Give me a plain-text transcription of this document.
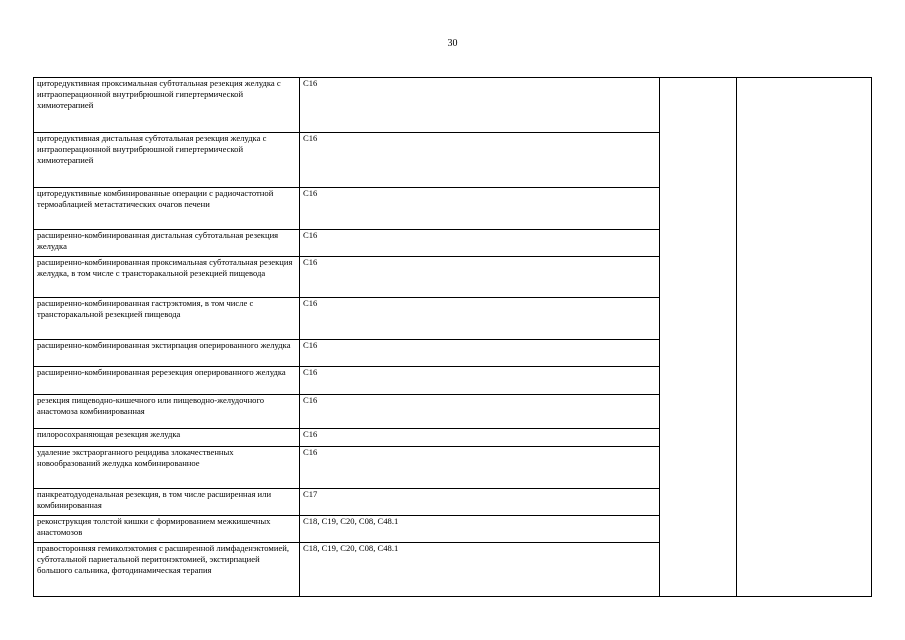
30
циторедуктивная проксимальная субтотальная резекция желудка с интраоперационной внутрибрюшной гипертермической химиотерапией	C16		
циторедуктивная дистальная субтотальная резекция желудка с интраоперационной внутрибрюшной гипертермической химиотерапией	C16		
циторедуктивные комбинированные операции с радиочастотной термоаблацией метастатических очагов печени	C16		
расширенно-комбинированная дистальная субтотальная резекция желудка	C16		
расширенно-комбинированная проксимальная субтотальная резекция желудка, в том числе с трансторакальной резекцией пищевода	C16		
расширенно-комбинированная гастрэктомия, в том числе с трансторакальной резекцией пищевода	C16		
расширенно-комбинированная экстирпация оперированного желудка	C16		
расширенно-комбинированная ререзекция оперированного желудка	C16		
резекция пищеводно-кишечного или пищеводно-желудочного анастомоза комбинированная	C16		
пилоросохраняющая резекция желудка	C16		
удаление экстраорганного рецидива злокачественных новообразований желудка комбинированное	C16		
панкреатодуоденальная резекция, в том числе расширенная или комбинированная	C17		
реконструкция толстой кишки с формированием межкишечных анастомозов	C18, C19, C20, C08, C48.1		
правосторонняя гемиколэктомия с расширенной лимфаденэктомией, субтотальной париетальной перитонэктомией, экстирпацией большого сальника, фотодинамическая терапия	C18, C19, C20, C08, C48.1		
